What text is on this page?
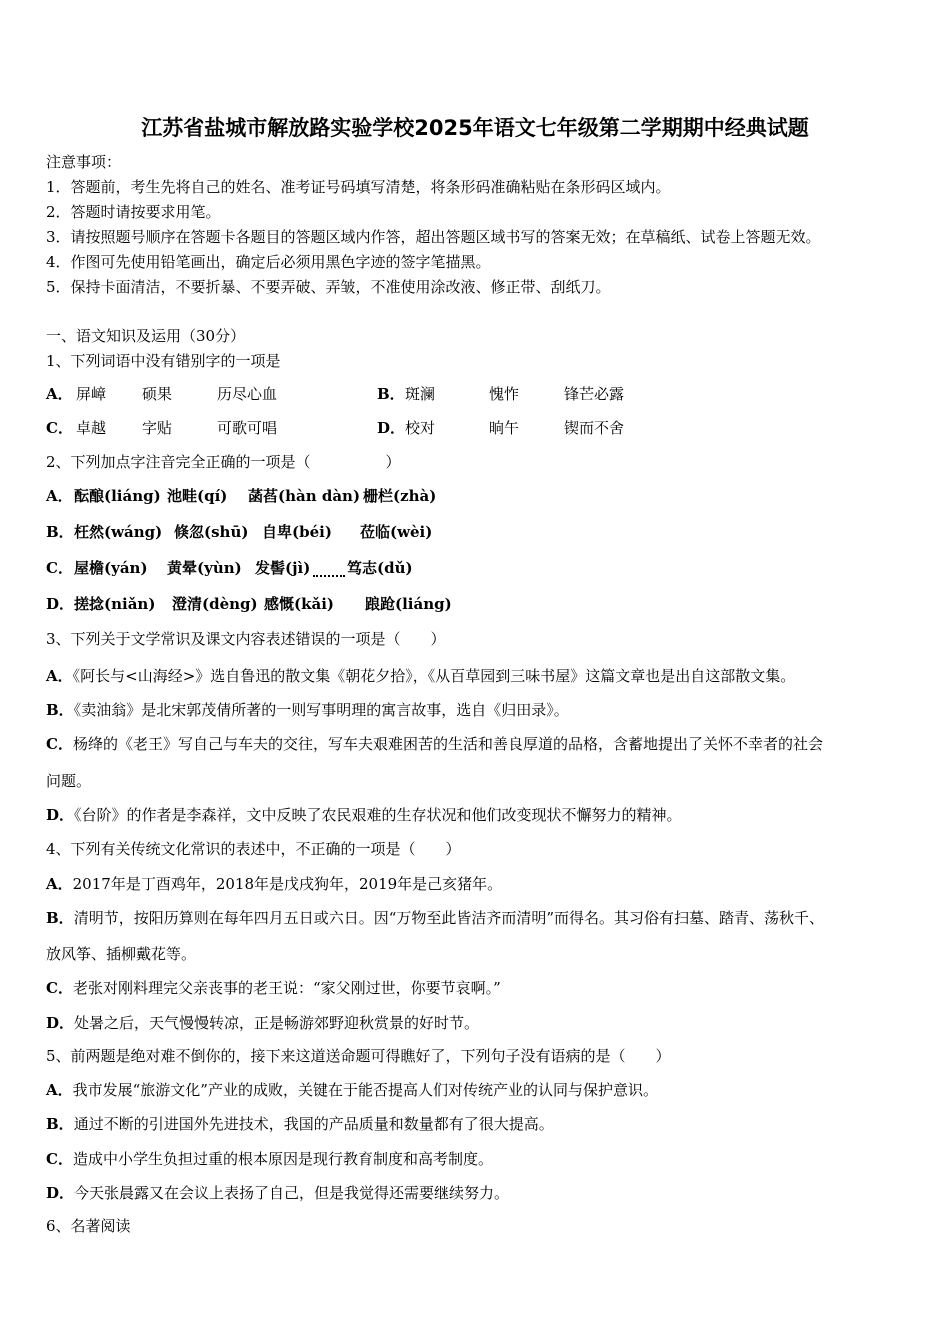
江苏省盐城市解放路实验学校2025年语文七年级第二学期期中经典试题
注意事项：
1．答题前，考生先将自己的姓名、准考证号码填写清楚，将条形码准确粘贴在条形码区域内。
2．答题时请按要求用笔。
3．请按照题号顺序在答题卡各题目的答题区域内作答，超出答题区域书写的答案无效；在草稿纸、试卷上答题无效。
4．作图可先使用铅笔画出，确定后必须用黑色字迹的签字笔描黑。
5．保持卡面清洁，不要折暴、不要弄破、弄皱，不准使用涂改液、修正带、刮纸刀。
一、语文知识及运用（30分）
1、下列词语中没有错别字的一项是
A． 屏嶂 硕果	历尽心血	B． 斑澜	愧怍	锋芒必露
C． 卓越 字贴	可歌可唱	D． 校对	晌午	锲而不舍
2、下列加点字注音完全正确的一项是（　　　　　）
A． 酝酿(liáng) 池畦(qí) 菡萏(hàn dàn) 栅栏(zhà)
B． 枉然(wáng) 倏忽(shū) 自卑(béi) 莅临(wèi)
C． 屋檐(yán) 黄晕(yùn) 发髻(jì) 笃志(dǔ)
D． 搓捻(niǎn) 澄清(dèng) 感慨(kǎi) 踉跄(liáng)
3、下列关于文学常识及课文内容表述错误的一项是（　　）
A．《阿长与<山海经>》选自鲁迅的散文集《朝花夕拾》，《从百草园到三味书屋》这篇文章也是出自这部散文集。
B．《卖油翁》是北宋郭茂倩所著的一则写事明理的寓言故事，选自《归田录》。
C．杨绛的《老王》写自己与车夫的交往，写车夫艰难困苦的生活和善良厚道的品格，含蓄地提出了关怀不幸者的社会
问题。
D．《台阶》的作者是李森祥，文中反映了农民艰难的生存状况和他们改变现状不懈努力的精神。
4、下列有关传统文化常识的表述中，不正确的一项是（　　）
A．2017年是丁酉鸡年，2018年是戊戌狗年，2019年是己亥猪年。
B．清明节，按阳历算则在每年四月五日或六日。因“万物至此皆洁齐而清明”而得名。其习俗有扫墓、踏青、荡秋千、
放风筝、插柳戴花等。
C．老张对刚料理完父亲丧事的老王说：“家父刚过世，你要节哀啊。”
D．处暑之后，天气慢慢转凉，正是畅游郊野迎秋赏景的好时节。
5、前两题是绝对难不倒你的，接下来这道送命题可得瞧好了，下列句子没有语病的是（　　）
A．我市发展“旅游文化”产业的成败，关键在于能否提高人们对传统产业的认同与保护意识。
B．通过不断的引进国外先进技术，我国的产品质量和数量都有了很大提高。
C．造成中小学生负担过重的根本原因是现行教育制度和高考制度。
D．今天张晨露又在会议上表扬了自己，但是我觉得还需要继续努力。
6、名著阅读
